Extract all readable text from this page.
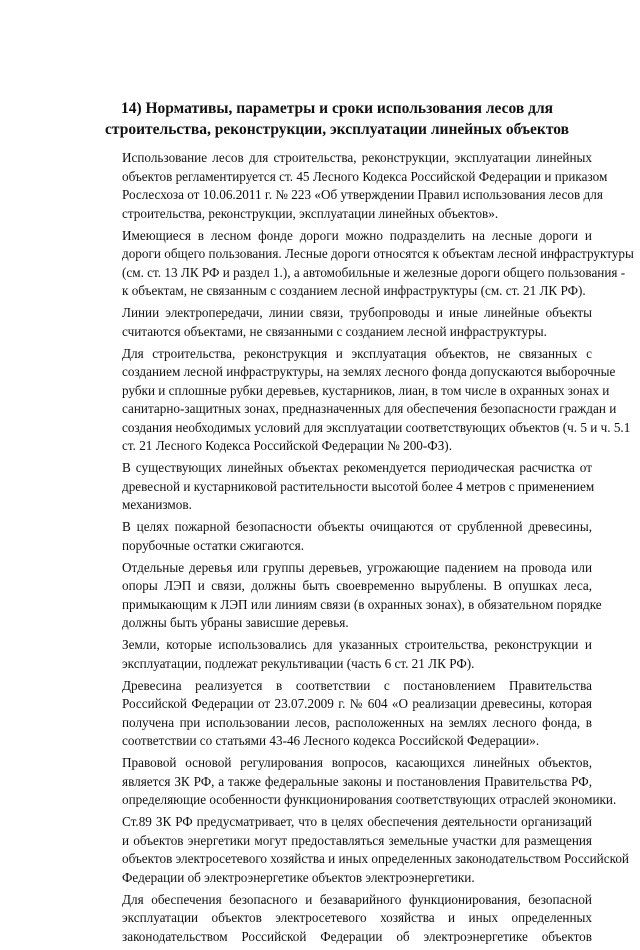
14) Нормативы, параметры и сроки использования лесов для
строительства, реконструкции, эксплуатации линейных объектов
Использование лесов для строительства, реконструкции, эксплуатации линейных
объектов регламентируется ст. 45 Лесного Кодекса Российской Федерации и приказом
Рослесхоза от 10.06.2011 г. № 223 «Об утверждении Правил использования лесов для
строительства, реконструкции, эксплуатации линейных объектов».
Имеющиеся в лесном фонде дороги можно подразделить на лесные дороги и
дороги общего пользования. Лесные дороги относятся к объектам лесной инфраструктуры
(см. ст. 13 ЛК РФ и раздел 1.), а автомобильные и железные дороги общего пользования -
к объектам, не связанным с созданием лесной инфраструктуры (см. ст. 21 ЛК РФ).
Линии электропередачи, линии связи, трубопроводы и иные линейные объекты
считаются объектами, не связанными с созданием лесной инфраструктуры.
Для строительства, реконструкция и эксплуатация объектов, не связанных с
созданием лесной инфраструктуры, на землях лесного фонда допускаются выборочные
рубки и сплошные рубки деревьев, кустарников, лиан, в том числе в охранных зонах и
санитарно-защитных зонах, предназначенных для обеспечения безопасности граждан и
создания необходимых условий для эксплуатации соответствующих объектов (ч. 5 и ч. 5.1
ст. 21 Лесного Кодекса Российской Федерации № 200-ФЗ).
В существующих линейных объектах рекомендуется периодическая расчистка от
древесной и кустарниковой растительности высотой более 4 метров с применением
механизмов.
В целях пожарной безопасности объекты очищаются от срубленной древесины,
порубочные остатки сжигаются.
Отдельные деревья или группы деревьев, угрожающие падением на провода или
опоры ЛЭП и связи, должны быть своевременно вырублены. В опушках леса,
примыкающим к ЛЭП или линиям связи (в охранных зонах), в обязательном порядке
должны быть убраны зависшие деревья.
Земли, которые использовались для указанных строительства, реконструкции и
эксплуатации, подлежат рекультивации (часть 6 ст. 21 ЛК РФ).
Древесина реализуется в соответствии с постановлением Правительства
Российской Федерации от 23.07.2009 г. № 604 «О реализации древесины, которая
получена при использовании лесов, расположенных на землях лесного фонда, в
соответствии со статьями 43-46 Лесного кодекса Российской Федерации».
Правовой основой регулирования вопросов, касающихся линейных объектов,
является ЗК РФ, а также федеральные законы и постановления Правительства РФ,
определяющие особенности функционирования соответствующих отраслей экономики.
Ст.89 ЗК РФ предусматривает, что в целях обеспечения деятельности организаций
и объектов энергетики могут предоставляться земельные участки для размещения
объектов электросетевого хозяйства и иных определенных законодательством Российской
Федерации об электроэнергетике объектов электроэнергетики.
Для обеспечения безопасного и безаварийного функционирования, безопасной
эксплуатации объектов электросетевого хозяйства и иных определенных
законодательством Российской Федерации об электроэнергетике объектов
